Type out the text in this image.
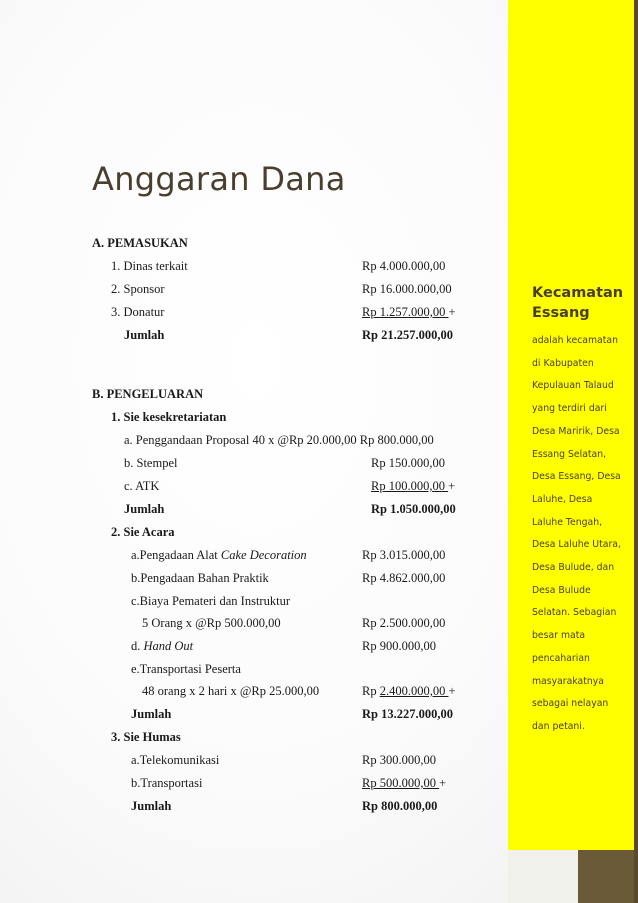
Anggaran Dana
A. PEMASUKAN
1. Dinas terkait	Rp 4.000.000,00
2. Sponsor	Rp 16.000.000,00
3. Donatur	Rp 1.257.000,00 +
Jumlah	Rp 21.257.000,00
B. PENGELUARAN
1. Sie kesekretariatan
a. Penggandaan Proposal 40 x @Rp 20.000,00 Rp 800.000,00
b. Stempel	Rp 150.000,00
c. ATK	Rp 100.000,00 +
Jumlah	Rp 1.050.000,00
2. Sie Acara
a.Pengadaan Alat Cake Decoration	Rp 3.015.000,00
b.Pengadaan Bahan Praktik	Rp 4.862.000,00
c.Biaya Pemateri dan Instruktur
5 Orang x @Rp 500.000,00	Rp 2.500.000,00
d. Hand Out	Rp 900.000,00
e.Transportasi Peserta
48 orang x 2 hari x @Rp 25.000,00	Rp 2.400.000,00 +
Jumlah	Rp 13.227.000,00
3. Sie Humas
a.Telekomunikasi	Rp 300.000,00
b.Transportasi	Rp 500.000,00 +
Jumlah	Rp 800.000,00
Kecamatan Essang
adalah kecamatan
di Kabupaten
Kepulauan Talaud
yang terdiri dari
Desa Maririk, Desa
Essang Selatan,
Desa Essang, Desa
Laluhe, Desa
Laluhe Tengah,
Desa Laluhe Utara,
Desa Bulude, dan
Desa Bulude
Selatan. Sebagian
besar mata
pencaharian
masyarakatnya
sebagai nelayan
dan petani.
